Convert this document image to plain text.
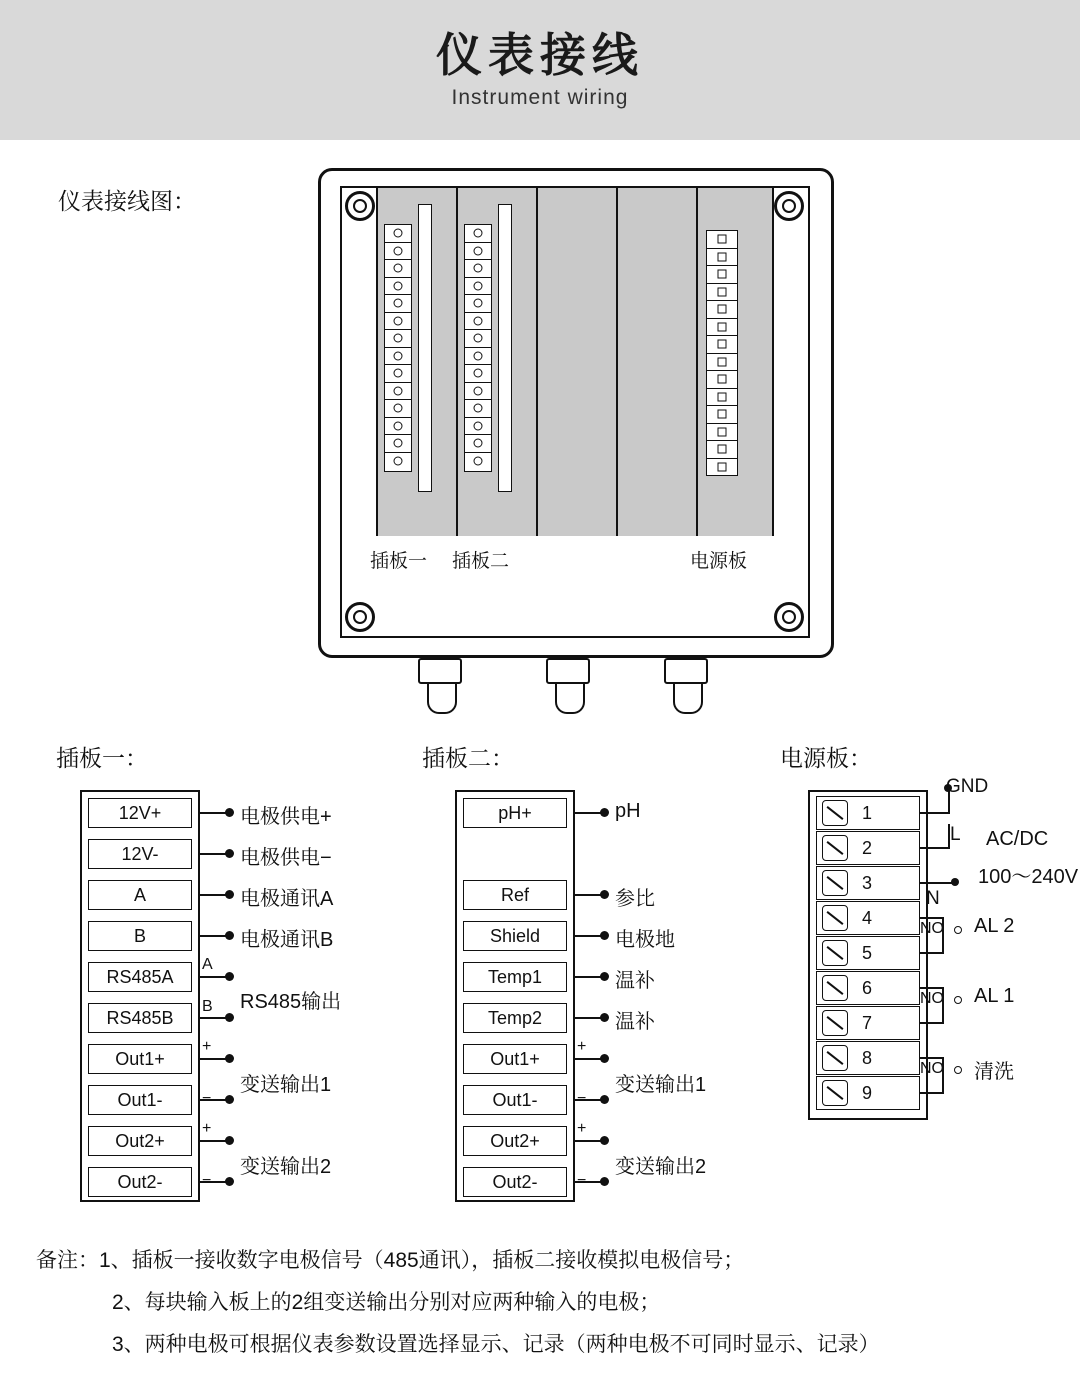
仪表接线
Instrument wiring
仪表接线图：
插板一 插板二	电源板
插板一：	插板二：	电源板：
12V+
12V-
A
B
RS485A
RS485B
Out1+
Out1-
Out2+
Out2-
A
B
+
−
+
−
电极供电+
电极供电−
电极通讯A
电极通讯B
RS485输出
变送输出1
变送输出2
pH+
Ref
Shield
Temp1
Temp2
Out1+
Out1-
Out2+
Out2-
+
−
+
−
pH
参比
电极地
温补
温补
变送输出1
变送输出2
1
2
3
4
5
6
7
8
9
NO
NO
NO
GND
L
N
AC/DC
100～240V
AL 2
AL 1
清洗
备注：1、插板一接收数字电极信号（485通讯），插板二接收模拟电极信号；
2、每块输入板上的2组变送输出分别对应两种输入的电极；
3、两种电极可根据仪表参数设置选择显示、记录（两种电极不可同时显示、记录）
